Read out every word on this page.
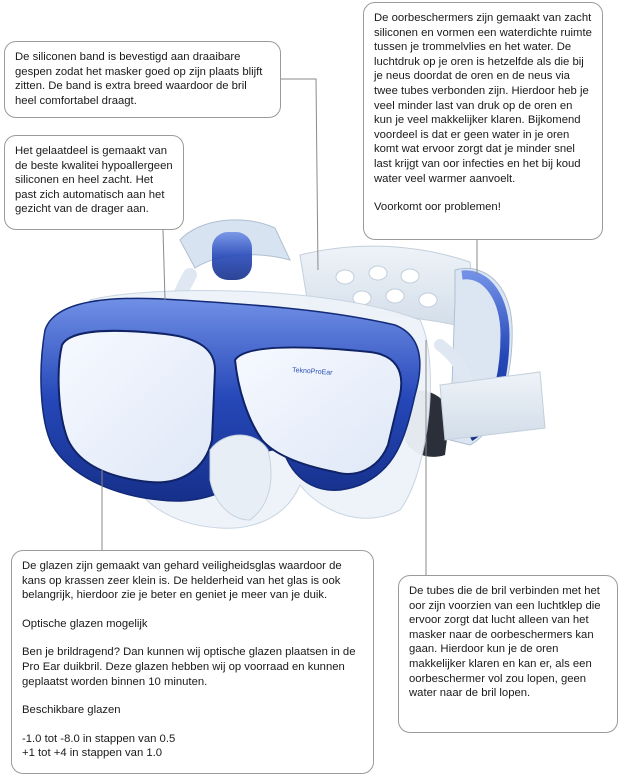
TeknoProEar

De siliconen band is bevestigd aan draaibare gespen zodat het masker goed op zijn plaats blijft zitten. De band is extra breed waardoor de bril heel comfortabel draagt.

Het gelaatdeel is gemaakt van de beste kwalitei hypoallergeen siliconen en heel zacht. Het past zich automatisch aan het gezicht van de drager aan.

De oorbeschermers zijn gemaakt van zacht siliconen en vormen een waterdichte ruimte tussen je trommelvlies en het water. De luchtdruk op je oren is hetzelfde als die bij je neus doordat de oren en de neus via twee tubes verbonden zijn. Hierdoor heb je veel minder last van druk op de oren en kun je veel makkelijker klaren. Bijkomend voordeel is dat er geen water in je oren komt wat ervoor zorgt dat je minder snel last krijgt van oor infecties en het bij koud water veel warmer aanvoelt.

Voorkomt oor problemen!

De glazen zijn gemaakt van gehard veiligheidsglas waardoor de kans op krassen zeer klein is. De helderheid van het glas is ook belangrijk, hierdoor zie je beter en geniet je meer van je duik.

Optische glazen mogelijk

Ben je brildragend? Dan kunnen wij optische glazen plaatsen in de Pro Ear duikbril. Deze glazen hebben wij op voorraad en kunnen geplaatst worden binnen 10 minuten.

Beschikbare glazen

-1.0 tot -8.0 in stappen van 0.5

+1 tot +4 in stappen van 1.0

De tubes die de bril verbinden met het oor zijn voorzien van een luchtklep die ervoor zorgt dat lucht alleen van het masker naar de oorbeschermers kan gaan. Hierdoor kun je de oren makkelijker klaren en kan er, als een oorbeschermer vol zou lopen, geen water naar de bril lopen.
